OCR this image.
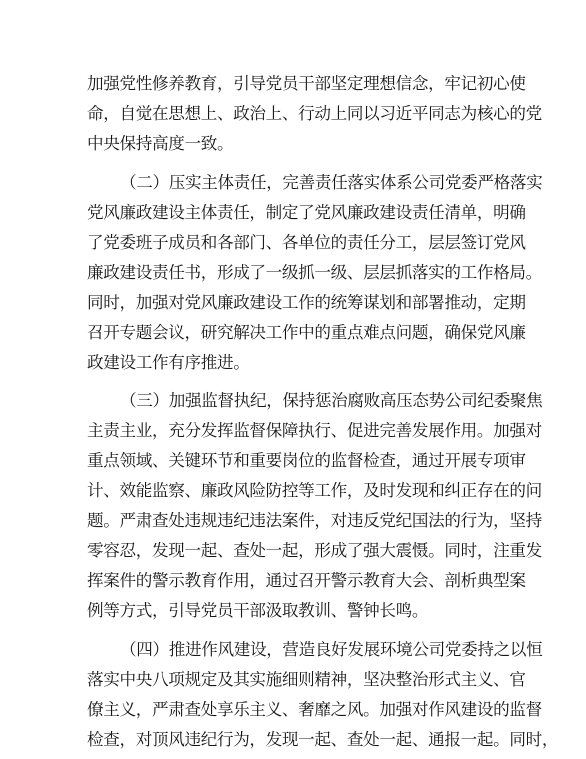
加强党性修养教育，引导党员干部坚定理想信念，牢记初心使
命，自觉在思想上、政治上、行动上同以习近平同志为核心的党
中央保持高度一致。
（二）压实主体责任，完善责任落实体系公司党委严格落实
党风廉政建设主体责任，制定了党风廉政建设责任清单，明确
了党委班子成员和各部门、各单位的责任分工，层层签订党风
廉政建设责任书，形成了一级抓一级、层层抓落实的工作格局。
同时，加强对党风廉政建设工作的统筹谋划和部署推动，定期
召开专题会议，研究解决工作中的重点难点问题，确保党风廉
政建设工作有序推进。
（三）加强监督执纪，保持惩治腐败高压态势公司纪委聚焦
主责主业，充分发挥监督保障执行、促进完善发展作用。加强对
重点领域、关键环节和重要岗位的监督检查，通过开展专项审
计、效能监察、廉政风险防控等工作，及时发现和纠正存在的问
题。严肃查处违规违纪违法案件，对违反党纪国法的行为，坚持
零容忍，发现一起、查处一起，形成了强大震慑。同时，注重发
挥案件的警示教育作用，通过召开警示教育大会、剖析典型案
例等方式，引导党员干部汲取教训、警钟长鸣。
（四）推进作风建设，营造良好发展环境公司党委持之以恒
落实中央八项规定及其实施细则精神，坚决整治形式主义、官
僚主义，严肃查处享乐主义、奢靡之风。加强对作风建设的监督
检查，对顶风违纪行为，发现一起、查处一起、通报一起。同时，
